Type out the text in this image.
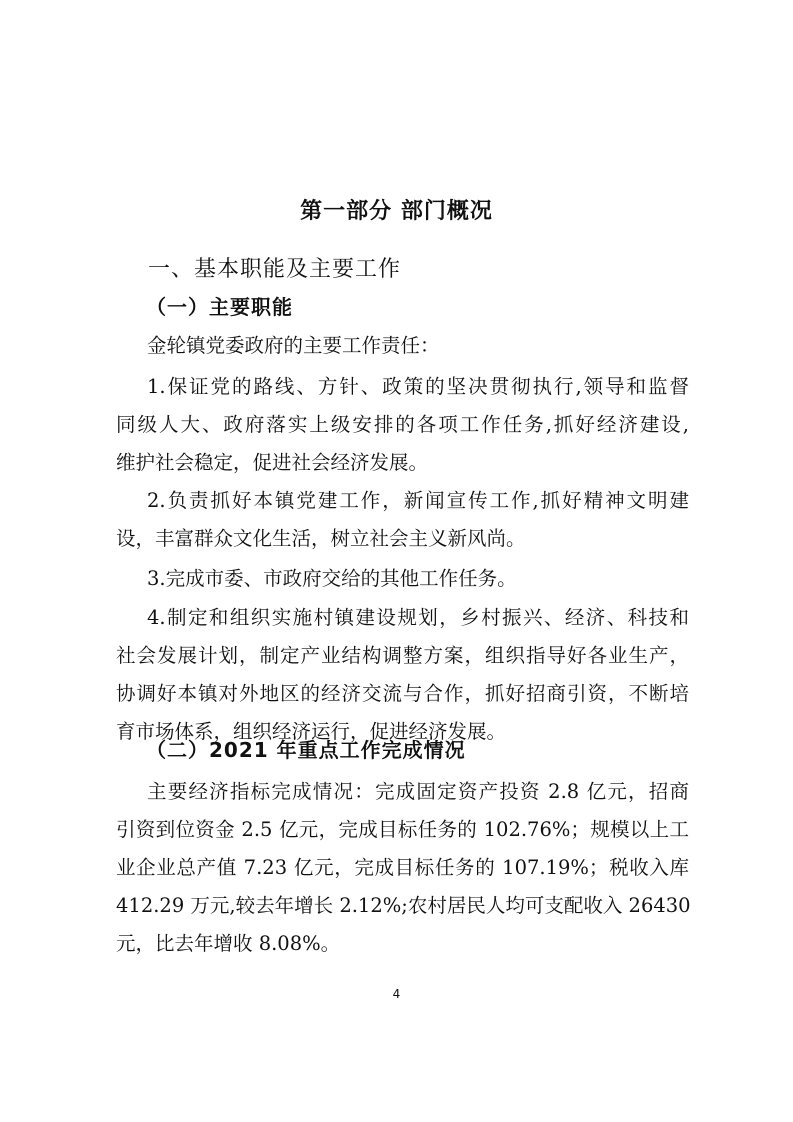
第一部分 部门概况
一、基本职能及主要工作
（一）主要职能
金轮镇党委政府的主要工作责任：
1.保证党的路线、方针、政策的坚决贯彻执行,领导和监督
同级人大、政府落实上级安排的各项工作任务,抓好经济建设,
维护社会稳定，促进社会经济发展。
2.负责抓好本镇党建工作，新闻宣传工作,抓好精神文明建
设，丰富群众文化生活，树立社会主义新风尚。
3.完成市委、市政府交给的其他工作任务。
4.制定和组织实施村镇建设规划，乡村振兴、经济、科技和
社会发展计划，制定产业结构调整方案，组织指导好各业生产，
协调好本镇对外地区的经济交流与合作，抓好招商引资，不断培
育市场体系，组织经济运行，促进经济发展。
（二）2021 年重点工作完成情况
主要经济指标完成情况：完成固定资产投资 2.8 亿元，招商
引资到位资金 2.5 亿元，完成目标任务的 102.76%；规模以上工
业企业总产值 7.23 亿元，完成目标任务的 107.19%；税收入库
412.29 万元,较去年增长 2.12%;农村居民人均可支配收入 26430
元，比去年增收 8.08%。
4
